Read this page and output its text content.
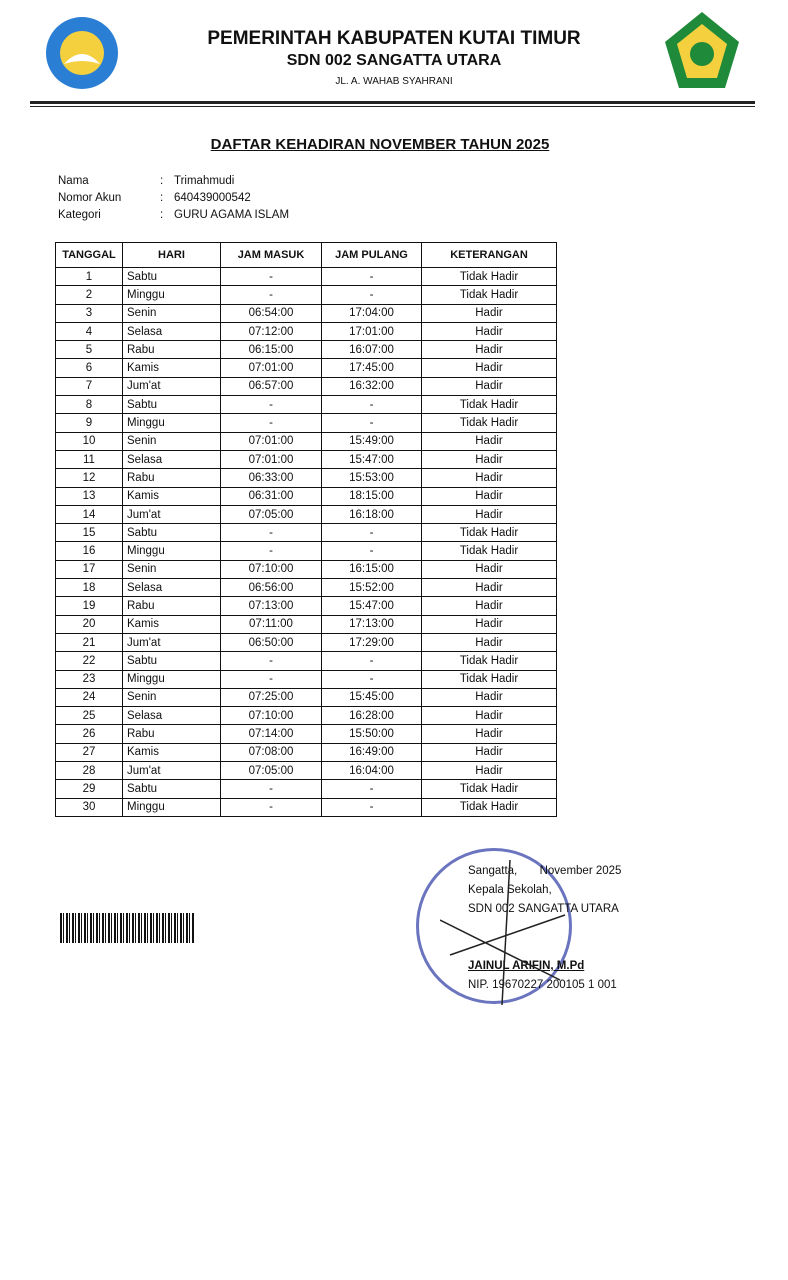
PEMERINTAH KABUPATEN KUTAI TIMUR
SDN 002 SANGATTA UTARA
JL. A. WAHAB SYAHRANI
DAFTAR KEHADIRAN NOVEMBER TAHUN 2025
Nama	: Trimahmudi
Nomor Akun	: 640439000542
Kategori	: GURU AGAMA ISLAM
TANGGAL	HARI	JAM MASUK	JAM PULANG	KETERANGAN
1	Sabtu	-	-	Tidak Hadir
2	Minggu	-	-	Tidak Hadir
3	Senin	06:54:00	17:04:00	Hadir
4	Selasa	07:12:00	17:01:00	Hadir
5	Rabu	06:15:00	16:07:00	Hadir
6	Kamis	07:01:00	17:45:00	Hadir
7	Jum'at	06:57:00	16:32:00	Hadir
8	Sabtu	-	-	Tidak Hadir
9	Minggu	-	-	Tidak Hadir
10	Senin	07:01:00	15:49:00	Hadir
11	Selasa	07:01:00	15:47:00	Hadir
12	Rabu	06:33:00	15:53:00	Hadir
13	Kamis	06:31:00	18:15:00	Hadir
14	Jum'at	07:05:00	16:18:00	Hadir
15	Sabtu	-	-	Tidak Hadir
16	Minggu	-	-	Tidak Hadir
17	Senin	07:10:00	16:15:00	Hadir
18	Selasa	06:56:00	15:52:00	Hadir
19	Rabu	07:13:00	15:47:00	Hadir
20	Kamis	07:11:00	17:13:00	Hadir
21	Jum'at	06:50:00	17:29:00	Hadir
22	Sabtu	-	-	Tidak Hadir
23	Minggu	-	-	Tidak Hadir
24	Senin	07:25:00	15:45:00	Hadir
25	Selasa	07:10:00	16:28:00	Hadir
26	Rabu	07:14:00	15:50:00	Hadir
27	Kamis	07:08:00	16:49:00	Hadir
28	Jum'at	07:05:00	16:04:00	Hadir
29	Sabtu	-	-	Tidak Hadir
30	Minggu	-	-	Tidak Hadir
Sangatta,       November 2025
Kepala Sekolah,
SDN 002 SANGATTA UTARA
JAINUL ARIFIN, M.Pd
NIP. 19670227 200105 1 001
